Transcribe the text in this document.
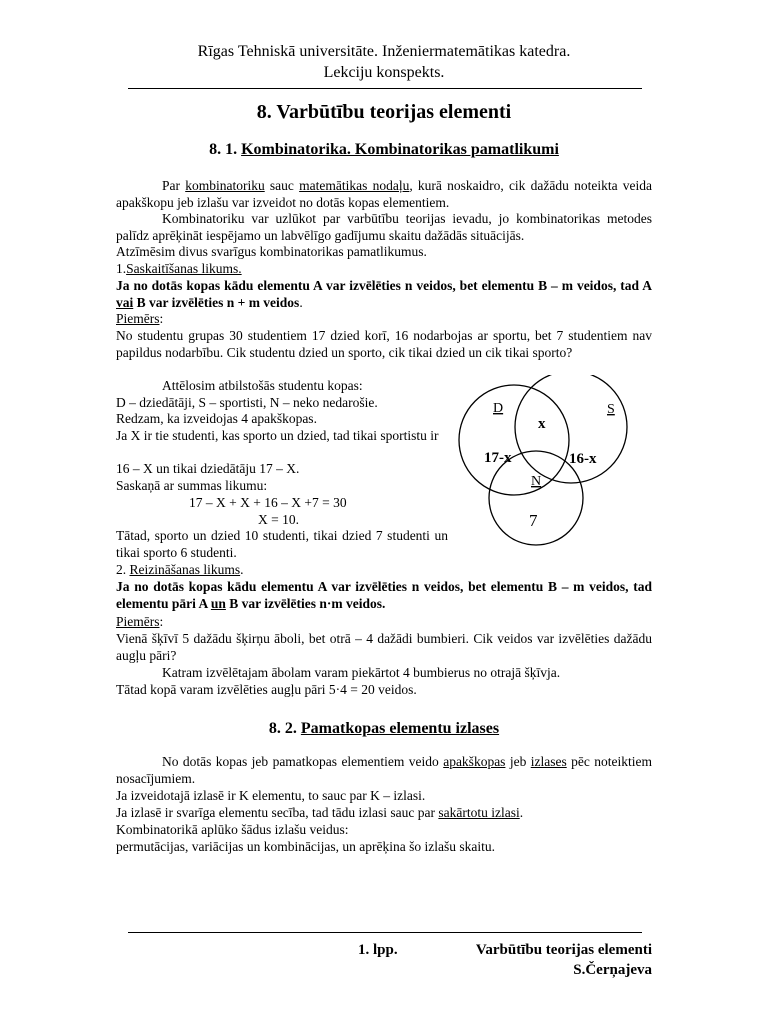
Rīgas Tehniskā universitāte. Inženiermatemātikas katedra.
Lekciju konspekts.
8. Varbūtību teorijas elementi
8. 1. Kombinatorika. Kombinatorikas pamatlikumi
Par kombinatoriku sauc matemātikas nodaļu, kurā noskaidro, cik dažādu noteikta veida apakškopu jeb izlašu var izveidot no dotās kopas elementiem.
Kombinatoriku var uzlūkot par varbūtību teorijas ievadu, jo kombinatorikas metodes palīdz aprēķināt iespējamo un labvēlīgo gadījumu skaitu dažādās situācijās.
Atzīmēsim divus svarīgus kombinatorikas pamatlikumus.
1.Saskaitīšanas likums.
Ja no dotās kopas kādu elementu A var izvēlēties n veidos, bet elementu B – m veidos, tad A vai B var izvēlēties n + m veidos.
Piemērs:
No studentu grupas 30 studentiem 17 dzied korī, 16 nodarbojas ar sportu, bet 7 studentiem nav papildus nodarbību. Cik studentu dzied un sporto, cik tikai dzied un cik tikai sporto?
Attēlosim atbilstošās studentu kopas:
D – dziedātāji, S – sportisti, N – neko nedarošie.
Redzam, ka izveidojas 4 apakškopas.
Ja X ir tie studenti, kas sporto un dzied, tad tikai sportistu ir
16 – X un tikai dziedātāju 17 – X.
Saskaņā ar summas likumu:
17 – X + X + 16 – X +7 = 30
X = 10.
Tātad, sporto un dzied 10 studenti, tikai dzied 7 studenti un tikai sporto 6 studenti.
D	S
N
x
17-x	16-x
7
2. Reizināšanas likums.
Ja no dotās kopas kādu elementu A var izvēlēties n veidos, bet elementu B – m veidos, tad elementu pāri A un B var izvēlēties n·m veidos.
Piemērs:
Vienā šķīvī 5 dažādu šķirņu āboli, bet otrā – 4 dažādi bumbieri. Cik veidos var izvēlēties dažādu augļu pāri?
Katram izvēlētajam ābolam varam piekārtot 4 bumbierus no otrajā šķīvja.
Tātad kopā varam izvēlēties augļu pāri 5·4 = 20 veidos.
8. 2. Pamatkopas elementu izlases
No dotās kopas jeb pamatkopas elementiem veido apakškopas jeb izlases pēc noteiktiem nosacījumiem.
Ja izveidotajā izlasē ir K elementu, to sauc par K – izlasi.
Ja izlasē ir svarīga elementu secība, tad tādu izlasi sauc par sakārtotu izlasi.
Kombinatorikā aplūko šādus izlašu veidus:
permutācijas, variācijas un kombinācijas, un aprēķina šo izlašu skaitu.
1. lpp.	Varbūtību teorijas elementi
S.Čerņajeva
